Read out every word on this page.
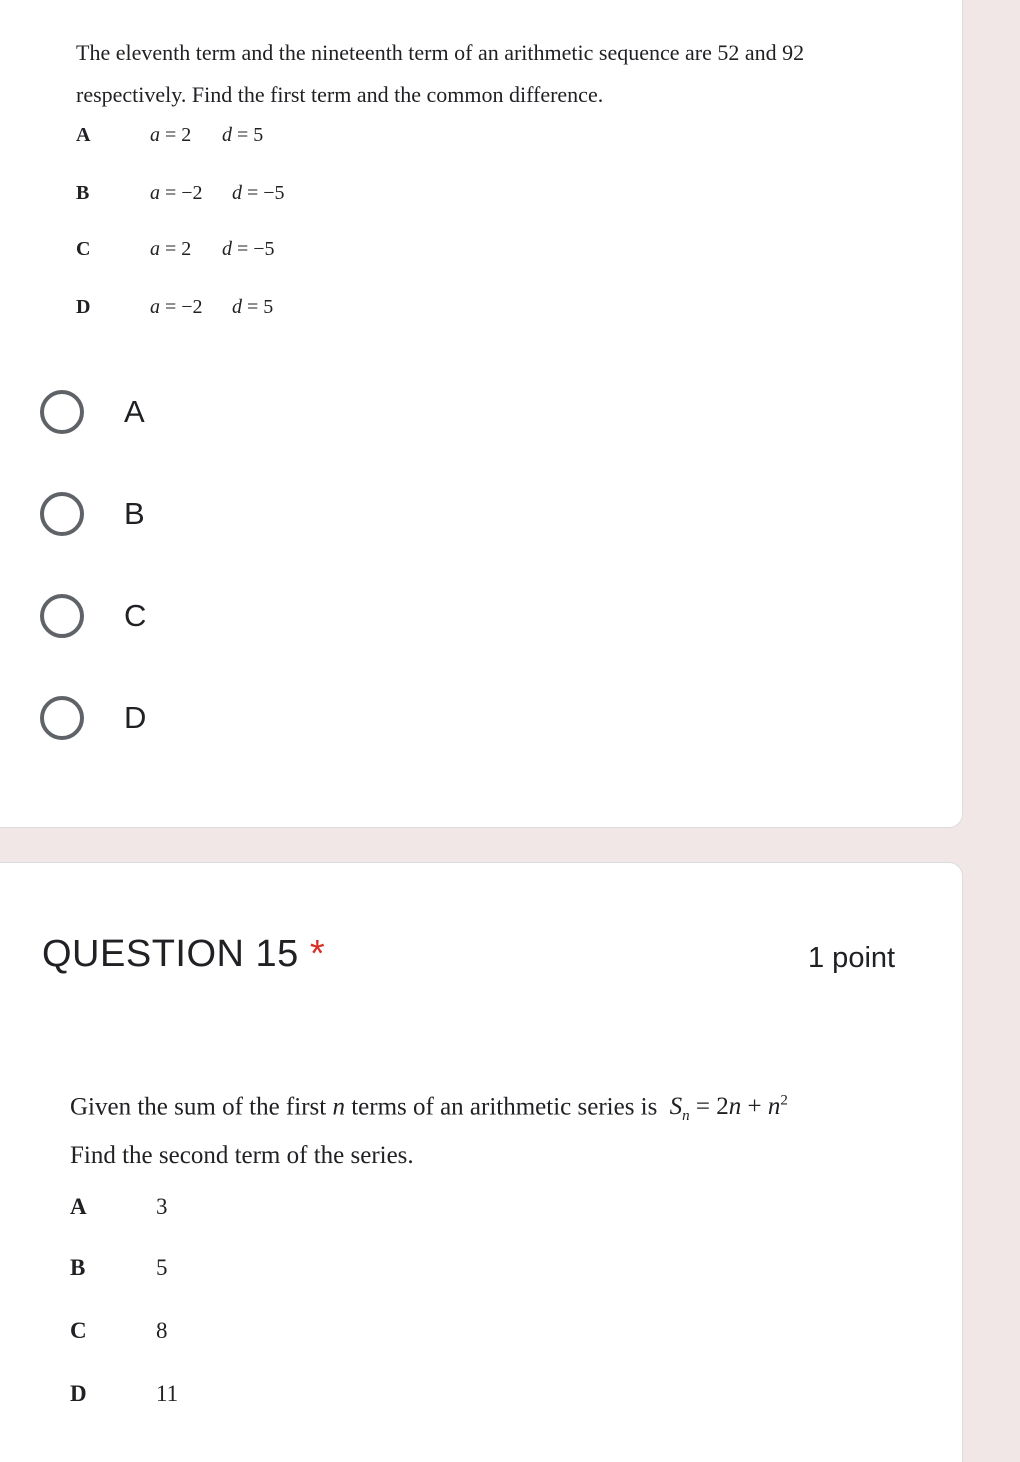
The eleventh term and the nineteenth term of an arithmetic sequence are 52 and 92
respectively. Find the first term and the common difference.
A	a = 2 d = 5
B	a = −2 d = −5
C	a = 2 d = −5
D	a = −2 d = 5
A
B
C
D
QUESTION 15 *	1 point
Given the sum of the first n terms of an arithmetic series is $S_n = 2n + n^2$
Find the second term of the series.
A	3
B	5
C	8
D	11
